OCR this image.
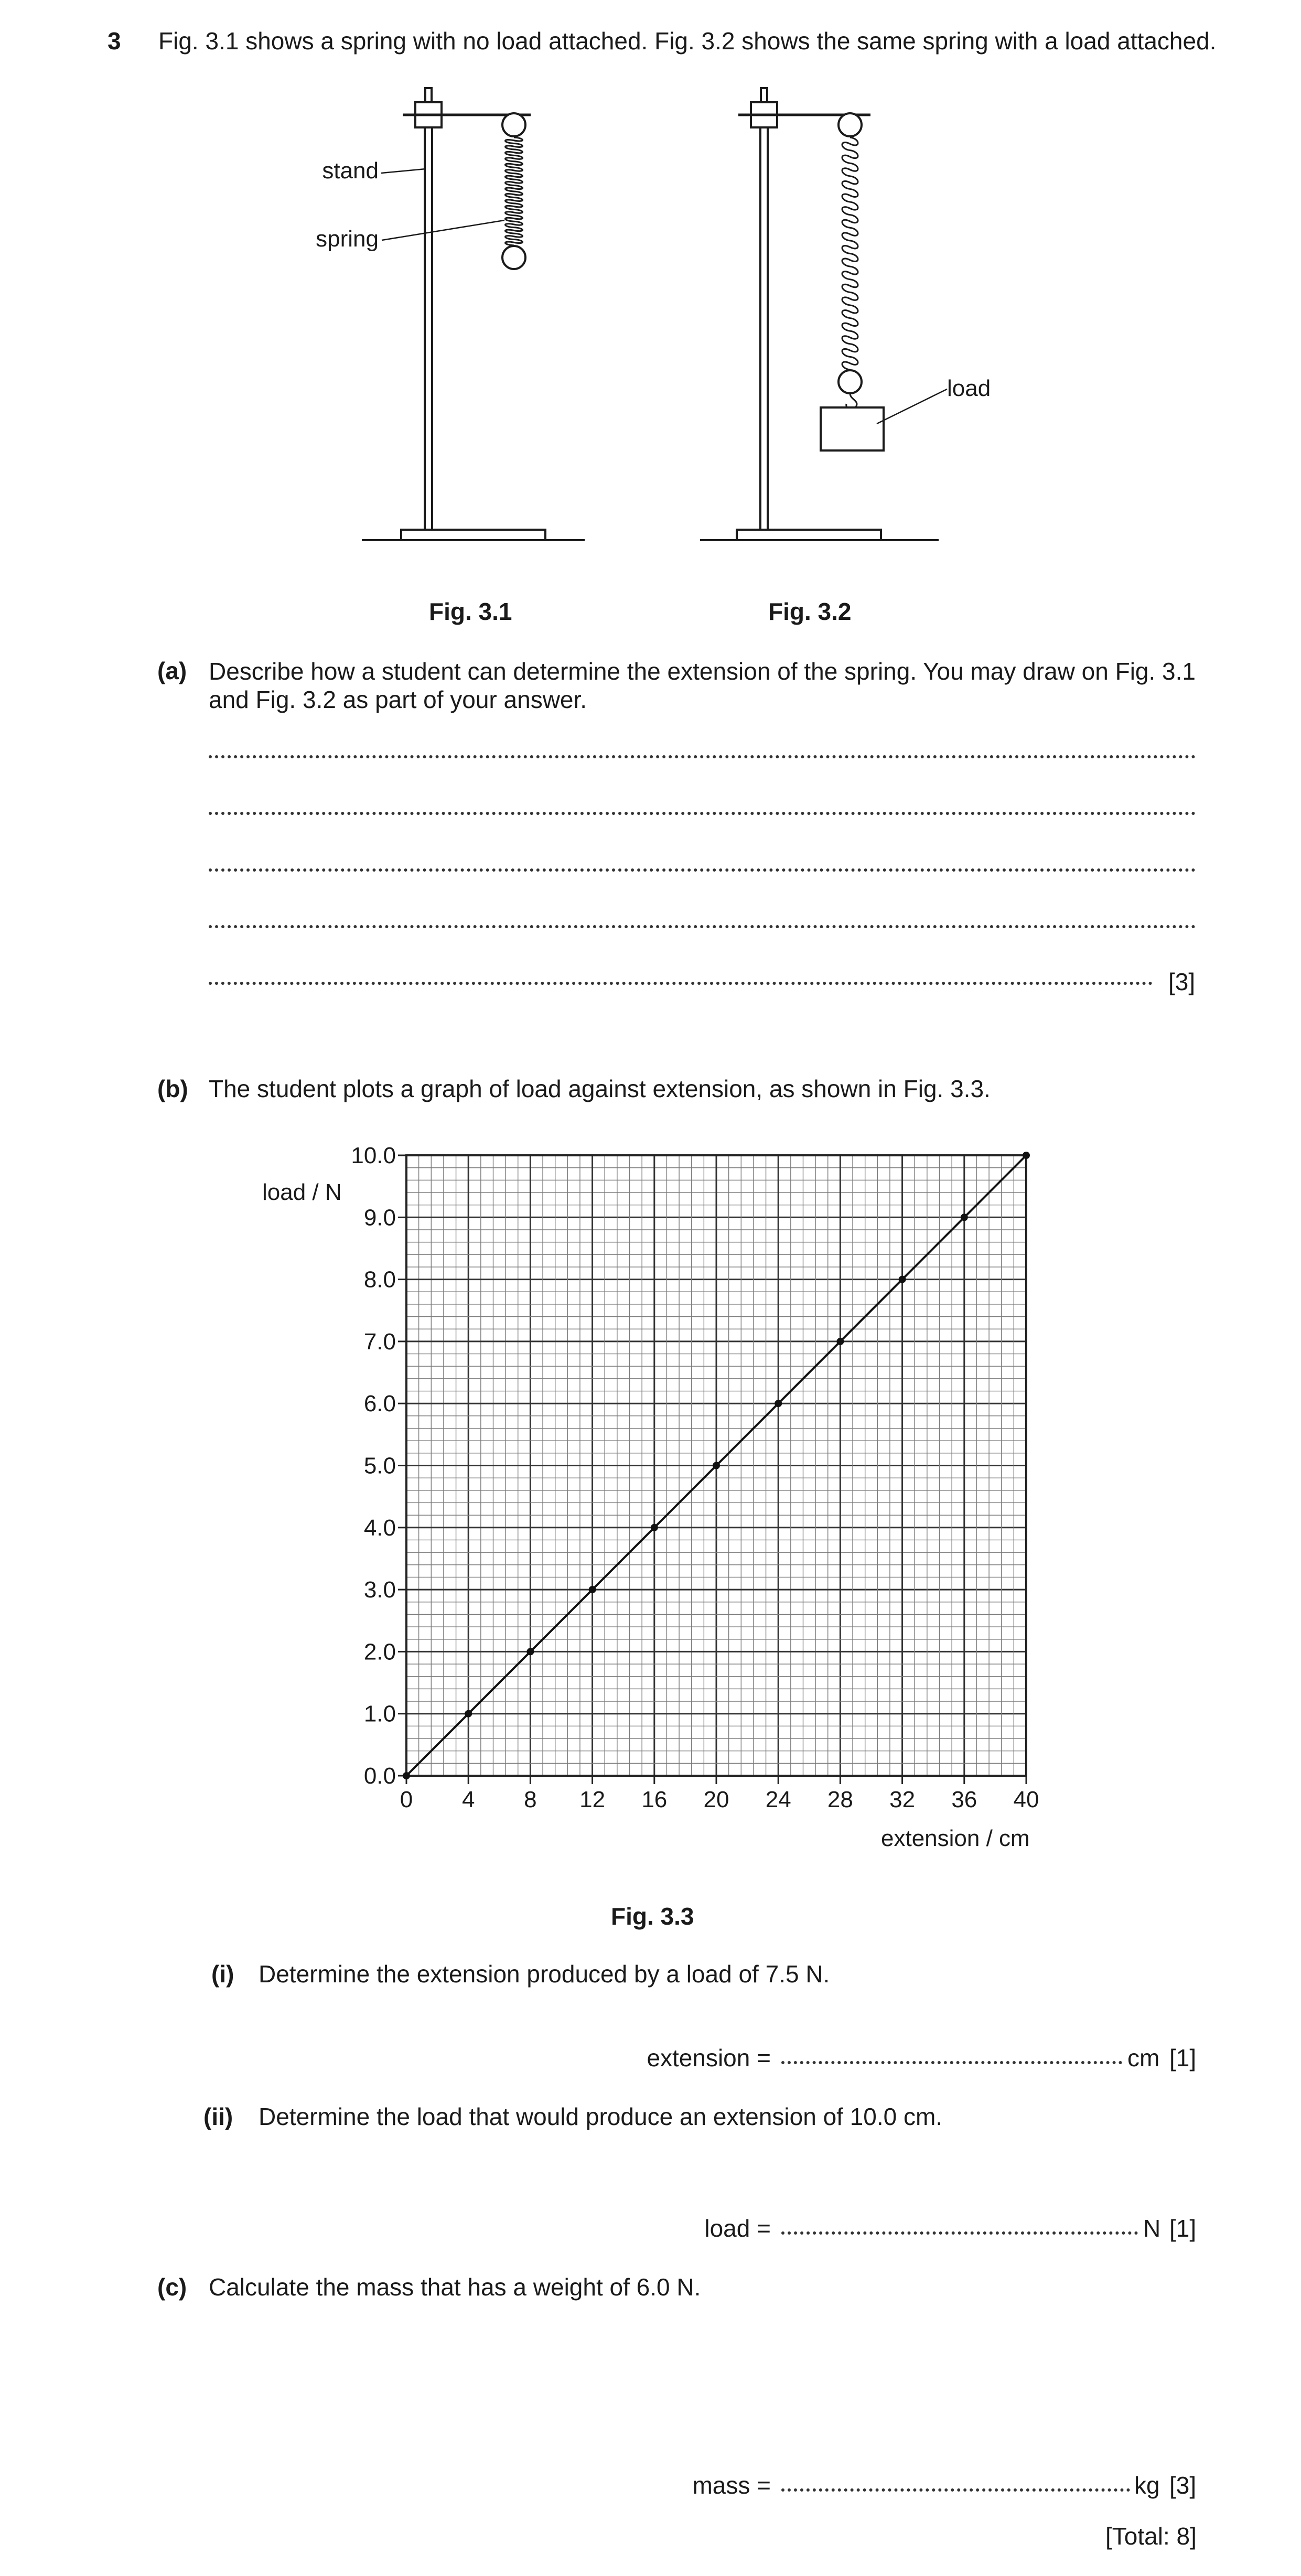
3 Fig. 3.1 shows a spring with no load attached. Fig. 3.2 shows the same spring with a load attached.
stand
spring
load
Fig. 3.1	Fig. 3.2
(a) Describe how a student can determine the extension of the spring. You may draw on Fig. 3.1 and Fig. 3.2 as part of your answer.
[3]
(b) The student plots a graph of load against extension, as shown in Fig. 3.3.
0 4 8 12 16 20 24 28 32 36 40
0.0
1.0
2.0
3.0
4.0
5.0
6.0
7.0
8.0
9.0
10.0
load / N
extension / cm
Fig. 3.3
(i) Determine the extension produced by a load of 7.5 N.
extension =	cm [1]
(ii) Determine the load that would produce an extension of 10.0 cm.
load =	N [1]
(c) Calculate the mass that has a weight of 6.0 N.
mass =	kg [3]
[Total: 8]
